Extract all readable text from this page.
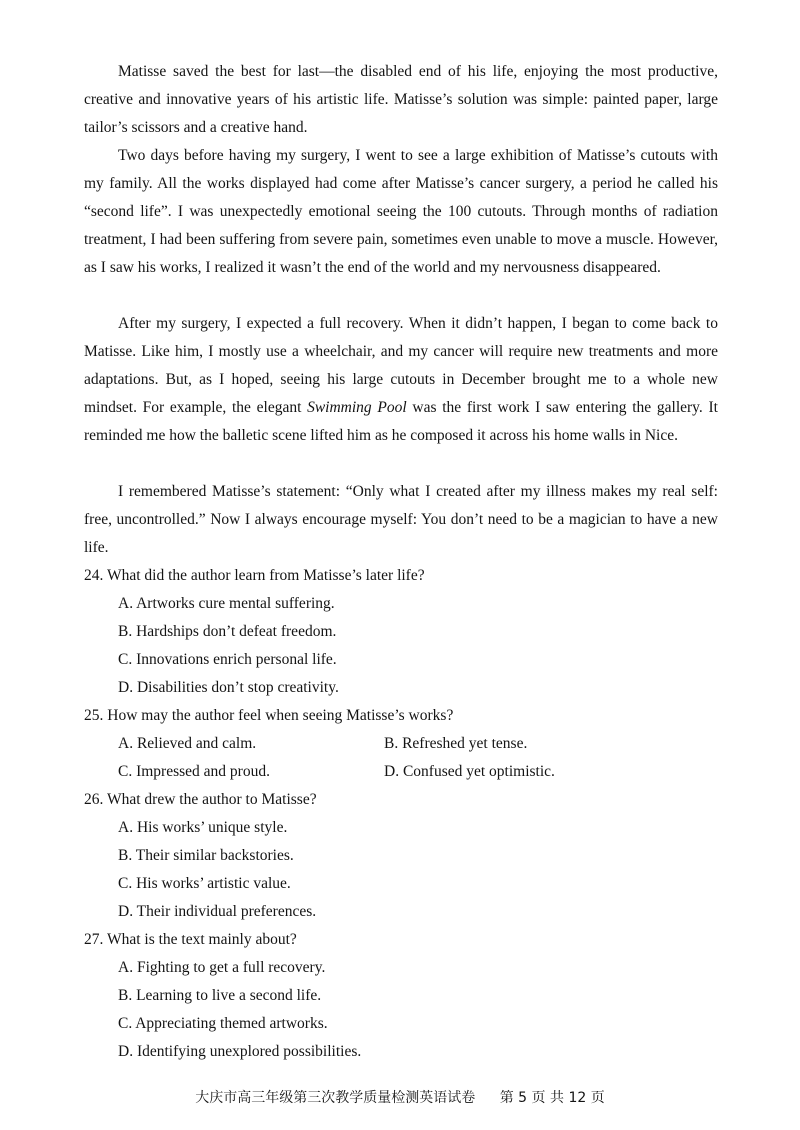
Matisse saved the best for last—the disabled end of his life, enjoying the most productive, creative and innovative years of his artistic life. Matisse’s solution was simple: painted paper, large tailor’s scissors and a creative hand.

Two days before having my surgery, I went to see a large exhibition of Matisse’s cutouts with my family. All the works displayed had come after Matisse’s cancer surgery, a period he called his “second life”. I was unexpectedly emotional seeing the 100 cutouts. Through months of radiation treatment, I had been suffering from severe pain, sometimes even unable to move a muscle. However, as I saw his works, I realized it wasn’t the end of the world and my nervousness disappeared.

After my surgery, I expected a full recovery. When it didn’t happen, I began to come back to Matisse. Like him, I mostly use a wheelchair, and my cancer will require new treatments and more adaptations. But, as I hoped, seeing his large cutouts in December brought me to a whole new mindset. For example, the elegant Swimming Pool was the first work I saw entering the gallery. It reminded me how the balletic scene lifted him as he composed it across his home walls in Nice.

I remembered Matisse’s statement: “Only what I created after my illness makes my real self: free, uncontrolled.” Now I always encourage myself: You don’t need to be a magician to have a new life.

24. What did the author learn from Matisse’s later life?
A. Artworks cure mental suffering.
B. Hardships don’t defeat freedom.
C. Innovations enrich personal life.
D. Disabilities don’t stop creativity.
25. How may the author feel when seeing Matisse’s works?
A. Relieved and calm.	B. Refreshed yet tense.
C. Impressed and proud.	D. Confused yet optimistic.
26. What drew the author to Matisse?
A. His works’ unique style.
B. Their similar backstories.
C. His works’ artistic value.
D. Their individual preferences.
27. What is the text mainly about?
A. Fighting to get a full recovery.
B. Learning to live a second life.
C. Appreciating themed artworks.
D. Identifying unexplored possibilities.
大庆市高三年级第三次教学质量检测英语试卷 第 5 页 共 12 页
